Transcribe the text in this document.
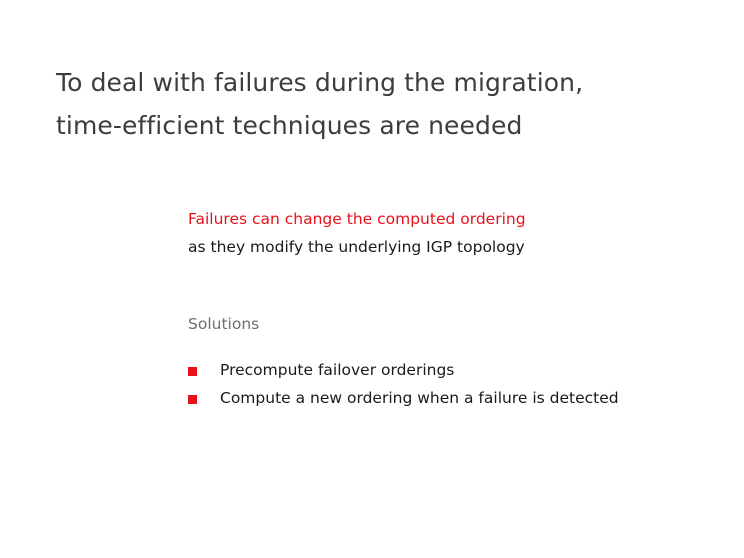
To deal with failures during the migration,
time-efficient techniques are needed

Failures can change the computed ordering

as they modify the underlying IGP topology

Solutions
Precompute failover orderings
Compute a new ordering when a failure is detected
